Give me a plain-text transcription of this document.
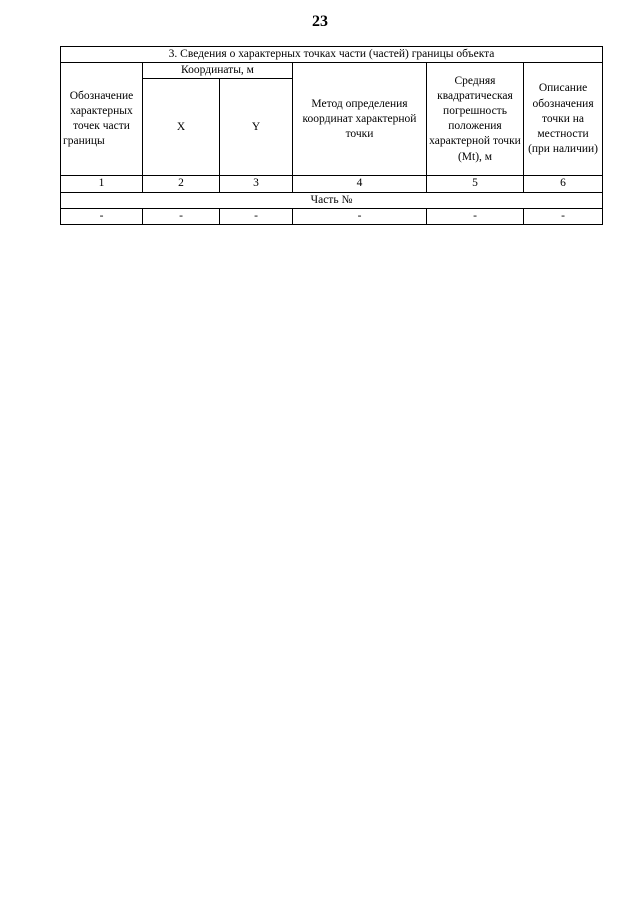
23
3. Сведения о характерных точках части (частей) границы объекта					
Обозначение характерных точек части границы	Координаты, м		Метод определения координат характерной точки	Средняя квадратическая погрешность положения характерной точки (Mt), м	Описание обозначения точки на местности (при наличии)
	X	Y			
1	2	3	4	5	6
Часть №					
-	-	-	-	-	-
